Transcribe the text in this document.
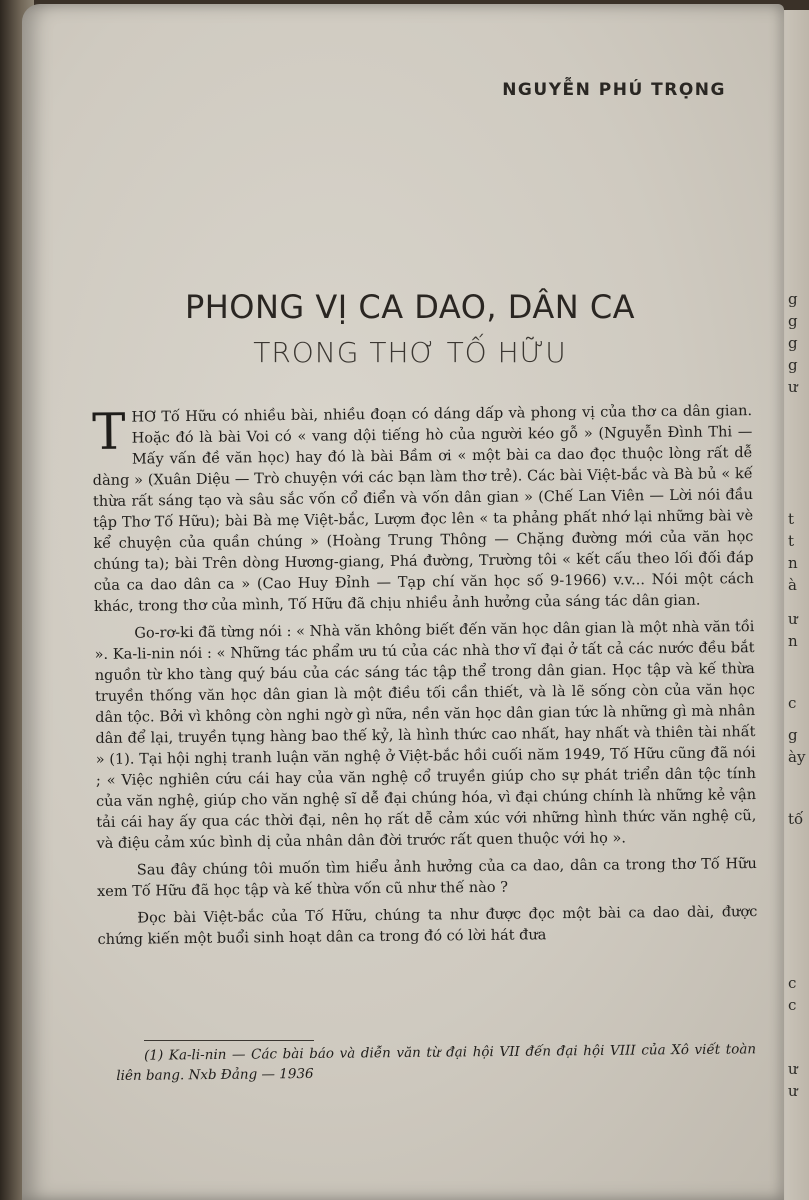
g
g
g
g
ư
t
t
n
à
ư
n
c
g
ày
tố
c
c
ư
ư
NGUYỄN PHÚ TRỌNG
PHONG VỊ CA DAO, DÂN CA
TRONG THƠ TỐ HỮU

THƠ Tố Hữu có nhiều bài, nhiều đoạn có dáng dấp và phong vị của thơ ca dân gian. Hoặc đó là bài Voi có « vang dội tiếng hò của người kéo gỗ » (Nguyễn Đình Thi — Mấy vấn đề văn học) hay đó là bài Bầm ơi « một bài ca dao đọc thuộc lòng rất dễ dàng » (Xuân Diệu — Trò chuyện với các bạn làm thơ trẻ). Các bài Việt-bắc và Bà bủ « kế thừa rất sáng tạo và sâu sắc vốn cổ điển và vốn dân gian » (Chế Lan Viên — Lời nói đầu tập Thơ Tố Hữu); bài Bà mẹ Việt-bắc, Lượm đọc lên « ta phảng phất nhớ lại những bài vè kể chuyện của quần chúng » (Hoàng Trung Thông — Chặng đường mới của văn học chúng ta); bài Trên dòng Hương-giang, Phá đường, Trường tôi « kết cấu theo lối đối đáp của ca dao dân ca » (Cao Huy Đỉnh — Tạp chí văn học số 9-1966) v.v... Nói một cách khác, trong thơ của mình, Tố Hữu đã chịu nhiều ảnh hưởng của sáng tác dân gian.

Go-rơ-ki đã từng nói : « Nhà văn không biết đến văn học dân gian là một nhà văn tồi ». Ka-li-nin nói : « Những tác phẩm ưu tú của các nhà thơ vĩ đại ở tất cả các nước đều bắt nguồn từ kho tàng quý báu của các sáng tác tập thể trong dân gian. Học tập và kế thừa truyền thống văn học dân gian là một điều tối cần thiết, và là lẽ sống còn của văn học dân tộc. Bởi vì không còn nghi ngờ gì nữa, nền văn học dân gian tức là những gì mà nhân dân để lại, truyền tụng hàng bao thế kỷ, là hình thức cao nhất, hay nhất và thiên tài nhất » (1). Tại hội nghị tranh luận văn nghệ ở Việt-bắc hồi cuối năm 1949, Tố Hữu cũng đã nói ; « Việc nghiên cứu cái hay của văn nghệ cổ truyền giúp cho sự phát triển dân tộc tính của văn nghệ, giúp cho văn nghệ sĩ dễ đại chúng hóa, vì đại chúng chính là những kẻ vận tải cái hay ấy qua các thời đại, nên họ rất dễ cảm xúc với những hình thức văn nghệ cũ, và điệu cảm xúc bình dị của nhân dân đời trước rất quen thuộc với họ ».

Sau đây chúng tôi muốn tìm hiểu ảnh hưởng của ca dao, dân ca trong thơ Tố Hữu xem Tố Hữu đã học tập và kế thừa vốn cũ như thế nào ?

Đọc bài Việt-bắc của Tố Hữu, chúng ta như được đọc một bài ca dao dài, được chứng kiến một buổi sinh hoạt dân ca trong đó có lời hát đưa

(1) Ka-li-nin — Các bài báo và diễn văn từ đại hội VII đến đại hội VIII của Xô viết toàn liên bang. Nxb Đảng — 1936
